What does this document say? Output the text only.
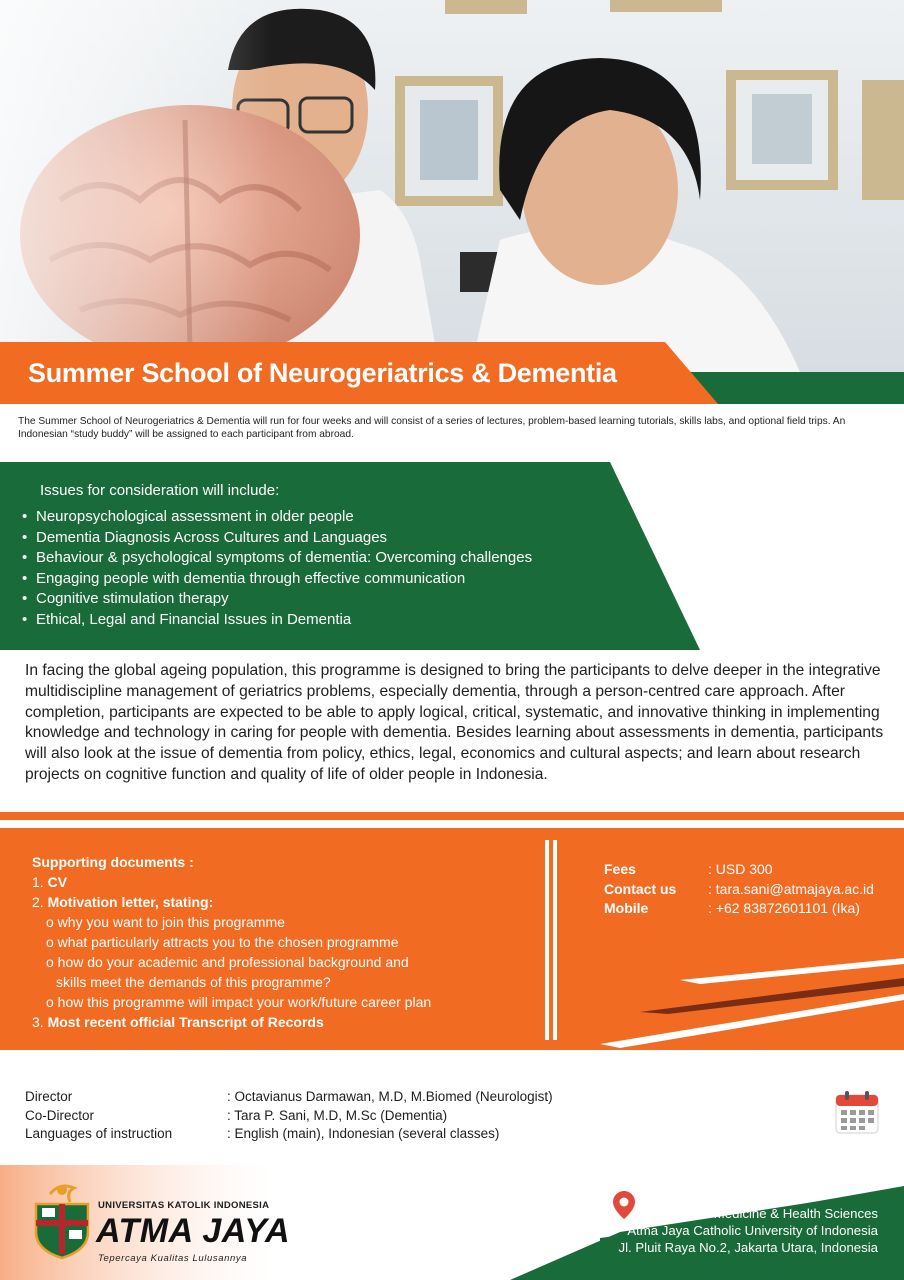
Summer School of Neurogeriatrics & Dementia
The Summer School of Neurogeriatrics & Dementia will run for four weeks and will consist of a series of lectures, problem-based learning tutorials, skills labs, and optional field trips. An Indonesian “study buddy” will be assigned to each participant from abroad.
Issues for consideration will include:
• Neuropsychological assessment in older people
• Dementia Diagnosis Across Cultures and Languages
• Behaviour & psychological symptoms of dementia: Overcoming challenges
• Engaging people with dementia through effective communication
• Cognitive stimulation therapy
• Ethical, Legal and Financial Issues in Dementia
In facing the global ageing population, this programme is designed to bring the participants to delve deeper in the integrative multidiscipline management of geriatrics problems, especially dementia, through a person-centred care approach. After completion, participants are expected to be able to apply logical, critical, systematic, and innovative thinking in implementing knowledge and technology in caring for people with dementia. Besides learning about assessments in dementia, participants will also look at the issue of dementia from policy, ethics, legal, economics and cultural aspects; and learn about research projects on cognitive function and quality of life of older people in Indonesia.
Supporting documents :
1. CV
2. Motivation letter, stating:
o why you want to join this programme
o what particularly attracts you to the chosen programme
o how do your academic and professional background and
skills meet the demands of this programme?
o how this programme will impact your work/future career plan
3. Most recent official Transcript of Records
Fees	: USD 300
Contact us	: tara.sani@atmajaya.ac.id
Mobile	: +62 83872601101 (Ika)
Director	: Octavianus Darmawan, M.D, M.Biomed (Neurologist)
Co-Director	: Tara P. Sani, M.D, M.Sc (Dementia)
Languages of instruction	: English (main), Indonesian (several classes)
8 July – 3 August 2019
School Of Medicine & Health Sciences
Atma Jaya Catholic University of Indonesia
Jl. Pluit Raya No.2, Jakarta Utara, Indonesia
UNIVERSITAS KATOLIK INDONESIA
ATMA JAYA
Tepercaya Kualitas Lulusannya
